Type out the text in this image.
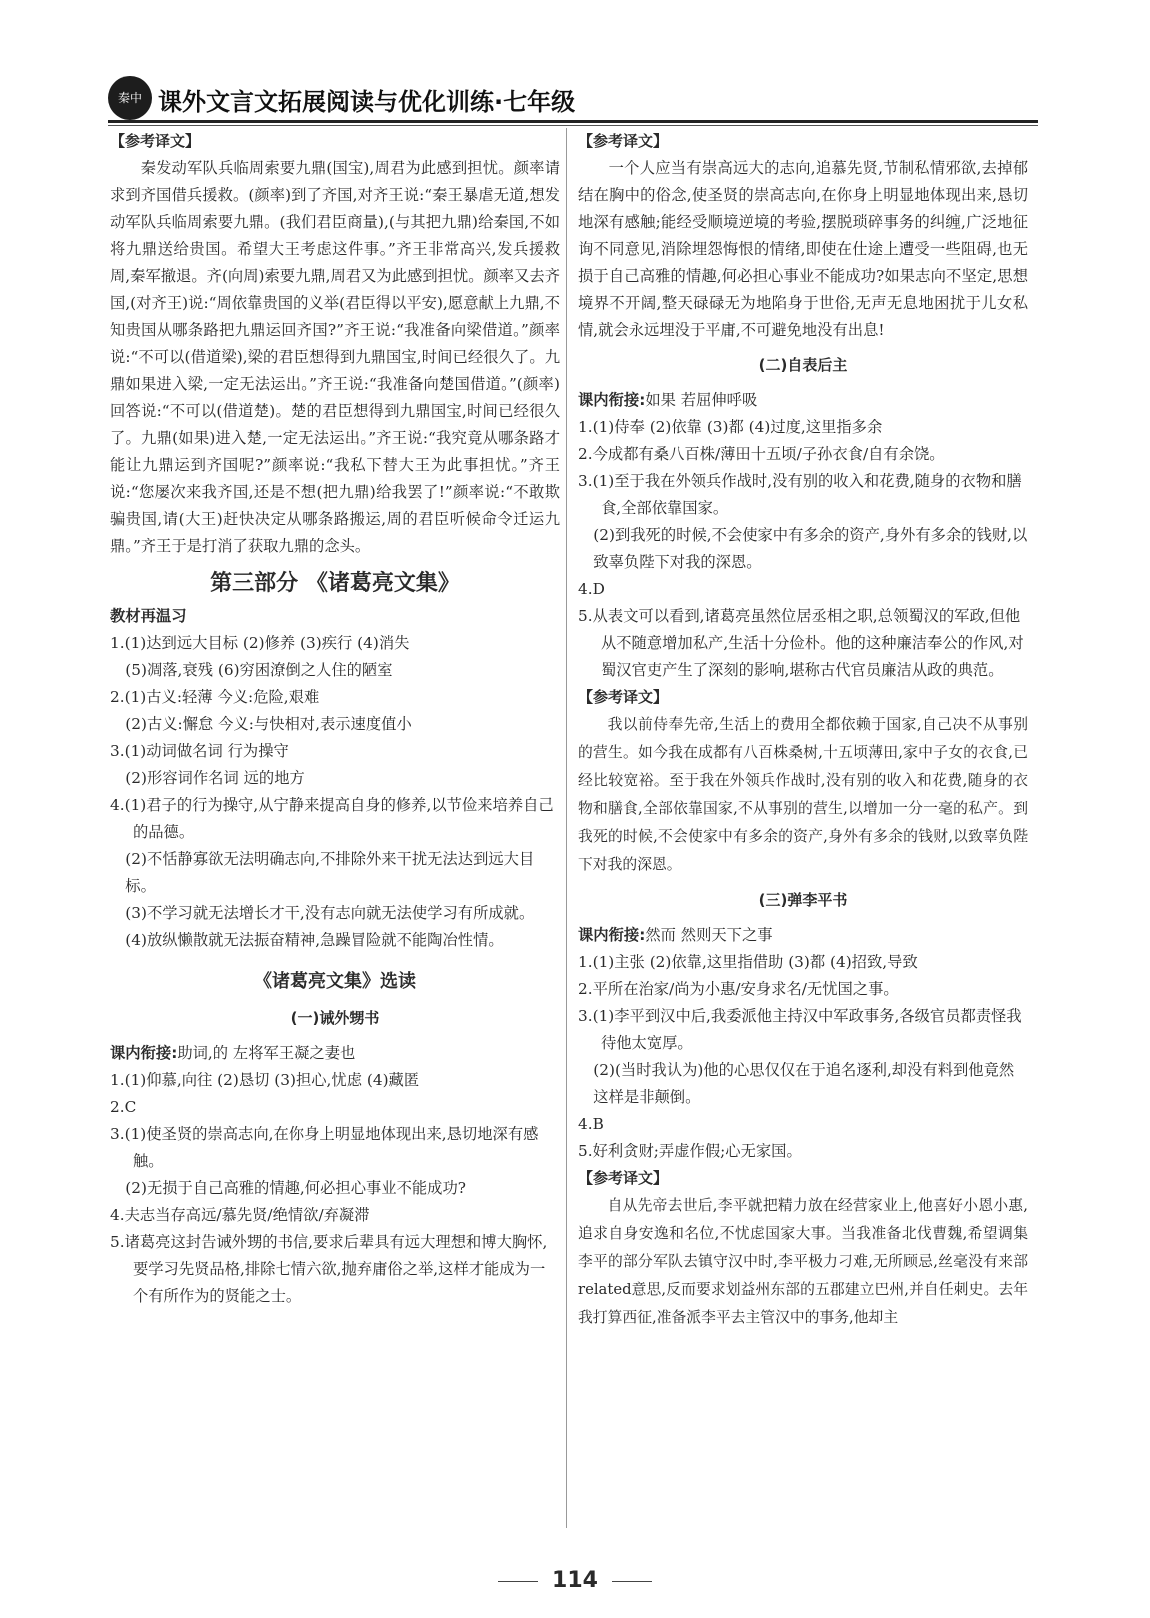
秦中 课外文言文拓展阅读与优化训练·七年级

【参考译文】

秦发动军队兵临周索要九鼎(国宝),周君为此感到担忧。颜率请求到齐国借兵援救。(颜率)到了齐国,对齐王说:“秦王暴虐无道,想发动军队兵临周索要九鼎。(我们君臣商量),(与其把九鼎)给秦国,不如将九鼎送给贵国。希望大王考虑这件事。”齐王非常高兴,发兵援救周,秦军撤退。齐(向周)索要九鼎,周君又为此感到担忧。颜率又去齐国,(对齐王)说:“周依靠贵国的义举(君臣得以平安),愿意献上九鼎,不知贵国从哪条路把九鼎运回齐国?”齐王说:“我准备向梁借道。”颜率说:“不可以(借道梁),梁的君臣想得到九鼎国宝,时间已经很久了。九鼎如果进入梁,一定无法运出。”齐王说:“我准备向楚国借道。”(颜率)回答说:“不可以(借道楚)。楚的君臣想得到九鼎国宝,时间已经很久了。九鼎(如果)进入楚,一定无法运出。”齐王说:“我究竟从哪条路才能让九鼎运到齐国呢?”颜率说:“我私下替大王为此事担忧。”齐王说:“您屡次来我齐国,还是不想(把九鼎)给我罢了!”颜率说:“不敢欺骗贵国,请(大王)赶快决定从哪条路搬运,周的君臣听候命令迁运九鼎。”齐王于是打消了获取九鼎的念头。

第三部分 《诸葛亮文集》

教材再温习

1.(1)达到远大目标 (2)修养 (3)疾行 (4)消失

(5)凋落,衰残 (6)穷困潦倒之人住的陋室

2.(1)古义:轻薄 今义:危险,艰难

(2)古义:懈怠 今义:与快相对,表示速度值小

3.(1)动词做名词 行为操守

(2)形容词作名词 远的地方

4.(1)君子的行为操守,从宁静来提高自身的修养,以节俭来培养自己的品德。

(2)不恬静寡欲无法明确志向,不排除外来干扰无法达到远大目标。

(3)不学习就无法增长才干,没有志向就无法使学习有所成就。

(4)放纵懒散就无法振奋精神,急躁冒险就不能陶冶性情。

《诸葛亮文集》选读

(一)诫外甥书

课内衔接:助词,的 左将军王凝之妻也

1.(1)仰慕,向往 (2)恳切 (3)担心,忧虑 (4)藏匿

2.C

3.(1)使圣贤的崇高志向,在你身上明显地体现出来,恳切地深有感触。

(2)无损于自己高雅的情趣,何必担心事业不能成功?

4.夫志当存高远/慕先贤/绝情欲/弃凝滞

5.诸葛亮这封告诫外甥的书信,要求后辈具有远大理想和博大胸怀,要学习先贤品格,排除七情六欲,抛弃庸俗之举,这样才能成为一个有所作为的贤能之士。

【参考译文】

一个人应当有崇高远大的志向,追慕先贤,节制私情邪欲,去掉郁结在胸中的俗念,使圣贤的崇高志向,在你身上明显地体现出来,恳切地深有感触;能经受顺境逆境的考验,摆脱琐碎事务的纠缠,广泛地征询不同意见,消除埋怨悔恨的情绪,即使在仕途上遭受一些阻碍,也无损于自己高雅的情趣,何必担心事业不能成功?如果志向不坚定,思想境界不开阔,整天碌碌无为地陷身于世俗,无声无息地困扰于儿女私情,就会永远埋没于平庸,不可避免地没有出息!

(二)自表后主

课内衔接:如果 若屈伸呼吸

1.(1)侍奉 (2)依靠 (3)都 (4)过度,这里指多余

2.今成都有桑八百株/薄田十五顷/子孙衣食/自有余饶。

3.(1)至于我在外领兵作战时,没有别的收入和花费,随身的衣物和膳食,全部依靠国家。

(2)到我死的时候,不会使家中有多余的资产,身外有多余的钱财,以致辜负陛下对我的深恩。

4.D

5.从表文可以看到,诸葛亮虽然位居丞相之职,总领蜀汉的军政,但他从不随意增加私产,生活十分俭朴。他的这种廉洁奉公的作风,对蜀汉官吏产生了深刻的影响,堪称古代官员廉洁从政的典范。

【参考译文】

我以前侍奉先帝,生活上的费用全都依赖于国家,自己决不从事别的营生。如今我在成都有八百株桑树,十五顷薄田,家中子女的衣食,已经比较宽裕。至于我在外领兵作战时,没有别的收入和花费,随身的衣物和膳食,全部依靠国家,不从事别的营生,以增加一分一毫的私产。到我死的时候,不会使家中有多余的资产,身外有多余的钱财,以致辜负陛下对我的深恩。

(三)弹李平书

课内衔接:然而 然则天下之事

1.(1)主张 (2)依靠,这里指借助 (3)都 (4)招致,导致

2.平所在治家/尚为小惠/安身求名/无忧国之事。

3.(1)李平到汉中后,我委派他主持汉中军政事务,各级官员都责怪我待他太宽厚。

(2)(当时我认为)他的心思仅仅在于追名逐利,却没有料到他竟然这样是非颠倒。

4.B

5.好利贪财;弄虚作假;心无家国。

【参考译文】

自从先帝去世后,李平就把精力放在经营家业上,他喜好小恩小惠,追求自身安逸和名位,不忧虑国家大事。当我准备北伐曹魏,希望调集李平的部分军队去镇守汉中时,李平极力刁难,无所顾忌,丝毫没有来部related意思,反而要求划益州东部的五郡建立巴州,并自任刺史。去年我打算西征,准备派李平去主管汉中的事务,他却主

114
